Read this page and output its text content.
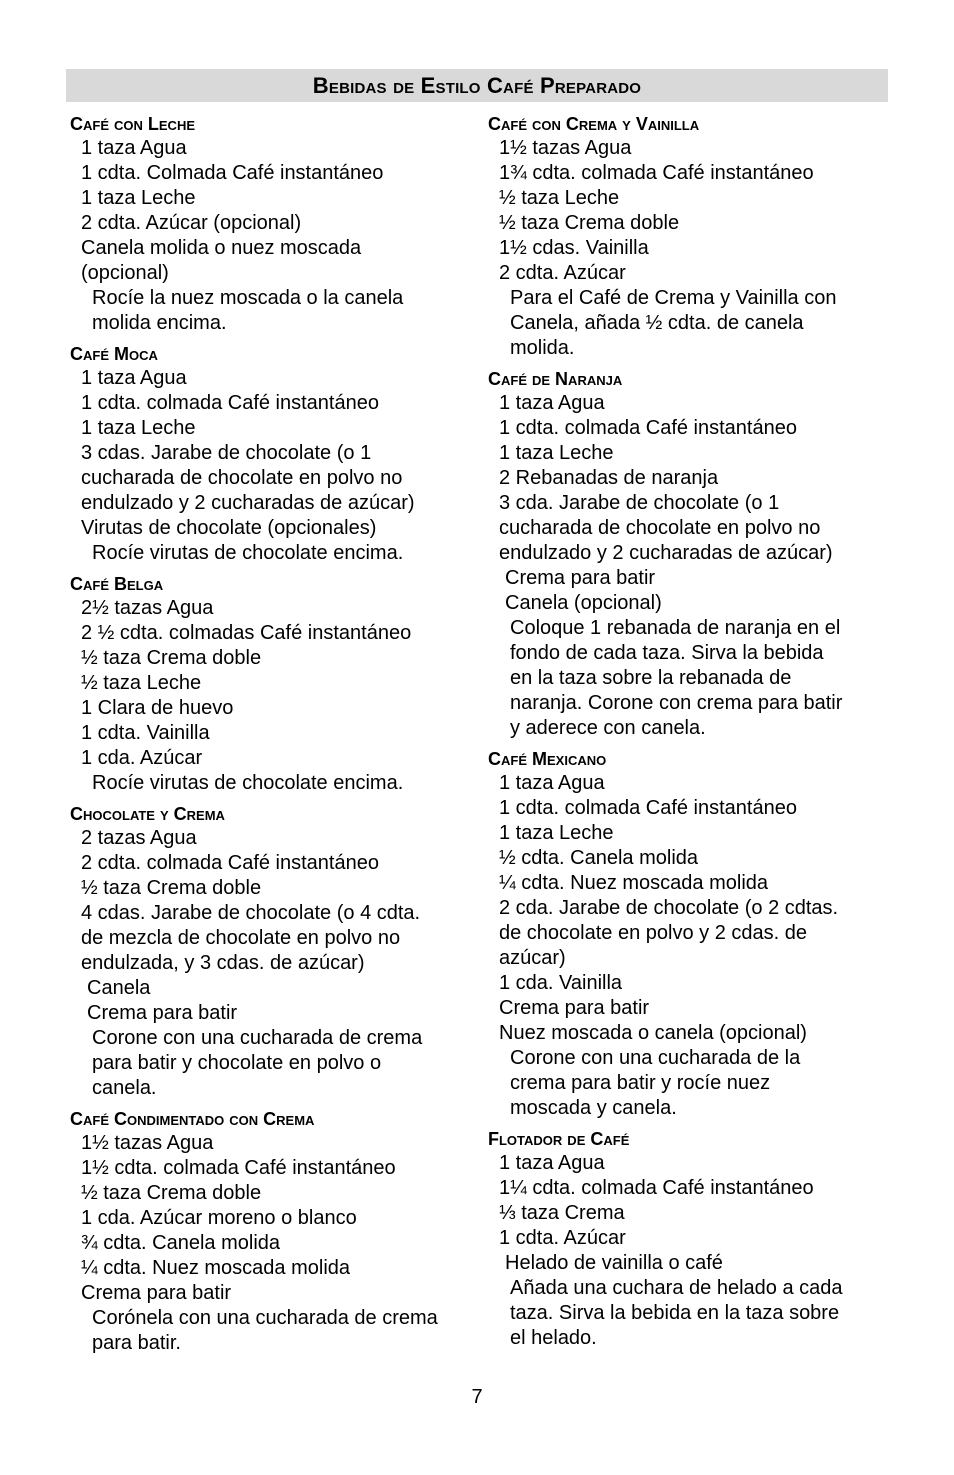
Bebidas de Estilo Café Preparado
Café con Leche
1 taza Agua
1 cdta. Colmada Café instantáneo
1 taza Leche
2 cdta. Azúcar (opcional)
Canela molida o nuez moscada
(opcional)
Rocíe la nuez moscada o la canela
molida encima.
Café Moca
1 taza Agua
1 cdta. colmada Café instantáneo
1 taza Leche
3 cdas. Jarabe de chocolate (o 1
cucharada de chocolate en polvo no
endulzado y 2 cucharadas de azúcar)
Virutas de chocolate (opcionales)
Rocíe virutas de chocolate encima.
Café Belga
2½ tazas Agua
2 ½ cdta. colmadas Café instantáneo
½ taza Crema doble
½ taza Leche
1 Clara de huevo
1 cdta. Vainilla
1 cda. Azúcar
Rocíe virutas de chocolate encima.
Chocolate y Crema
2 tazas Agua
2 cdta. colmada Café instantáneo
½ taza Crema doble
4 cdas. Jarabe de chocolate (o 4 cdta.
de mezcla de chocolate en polvo no
endulzada, y 3 cdas. de azúcar)
Canela
Crema para batir
Corone con una cucharada de crema
para batir y chocolate en polvo o
canela.
Café Condimentado con Crema
1½ tazas Agua
1½ cdta. colmada Café instantáneo
½ taza Crema doble
1 cda. Azúcar moreno o blanco
¾ cdta. Canela molida
¼ cdta. Nuez moscada molida
Crema para batir
Corónela con una cucharada de crema
para batir.
Café con Crema y Vainilla
1½ tazas Agua
1¾ cdta. colmada Café instantáneo
½ taza Leche
½ taza Crema doble
1½ cdas. Vainilla
2 cdta. Azúcar
Para el Café de Crema y Vainilla con
Canela, añada ½ cdta. de canela
molida.
Café de Naranja
1 taza Agua
1 cdta. colmada Café instantáneo
1 taza Leche
2 Rebanadas de naranja
3 cda. Jarabe de chocolate (o 1
cucharada de chocolate en polvo no
endulzado y 2 cucharadas de azúcar)
Crema para batir
Canela (opcional)
Coloque 1 rebanada de naranja en el
fondo de cada taza. Sirva la bebida
en la taza sobre la rebanada de
naranja. Corone con crema para batir
y aderece con canela.
Café Mexicano
1 taza Agua
1 cdta. colmada Café instantáneo
1 taza Leche
½ cdta. Canela molida
¼ cdta. Nuez moscada molida
2 cda. Jarabe de chocolate (o 2 cdtas.
de chocolate en polvo y 2 cdas. de
azúcar)
1 cda. Vainilla
Crema para batir
Nuez moscada o canela (opcional)
Corone con una cucharada de la
crema para batir y rocíe nuez
moscada y canela.
Flotador de Café
1 taza Agua
1¼ cdta. colmada Café instantáneo
⅓ taza Crema
1 cdta. Azúcar
Helado de vainilla o café
Añada una cuchara de helado a cada
taza. Sirva la bebida en la taza sobre
el helado.
7
